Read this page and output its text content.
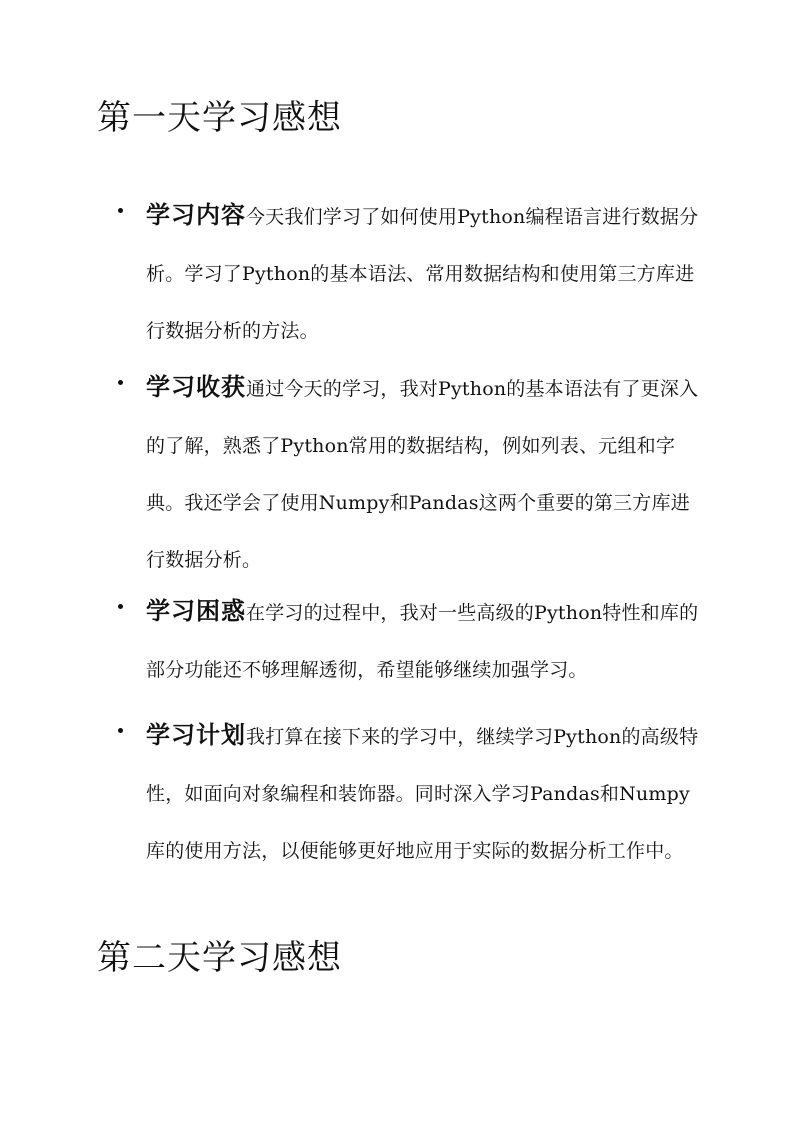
第一天学习感想

学习内容今天我们学习了如何使用Python编程语言进行数据分析。学习了Python的基本语法、常用数据结构和使用第三方库进行数据分析的方法。

学习收获通过今天的学习，我对Python的基本语法有了更深入的了解，熟悉了Python常用的数据结构，例如列表、元组和字典。我还学会了使用Numpy和Pandas这两个重要的第三方库进行数据分析。

学习困惑在学习的过程中，我对一些高级的Python特性和库的部分功能还不够理解透彻，希望能够继续加强学习。

学习计划我打算在接下来的学习中，继续学习Python的高级特性，如面向对象编程和装饰器。同时深入学习Pandas和Numpy库的使用方法，以便能够更好地应用于实际的数据分析工作中。

第二天学习感想
